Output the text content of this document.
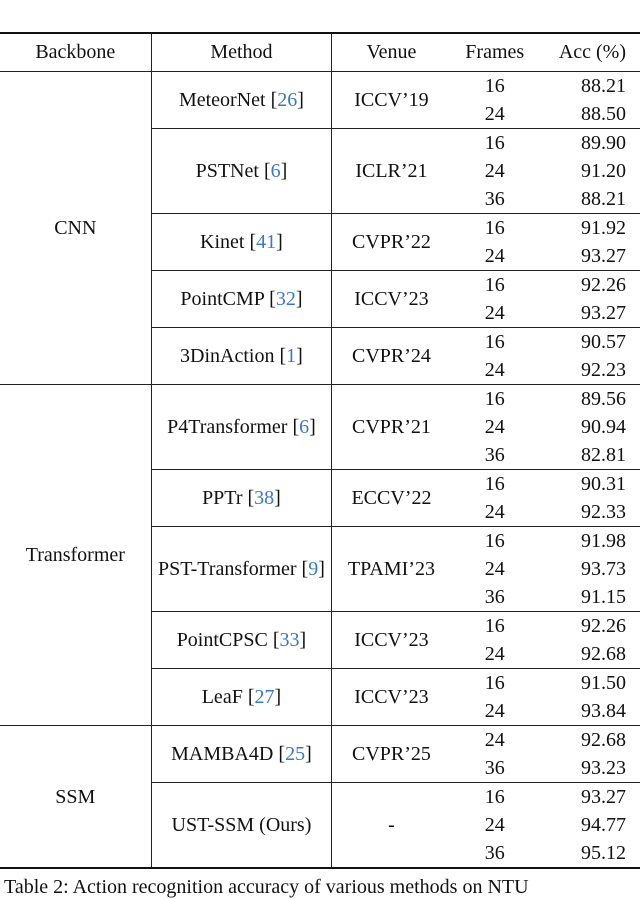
Backbone	Method	Venue	Frames	Acc (%)
CNN	MeteorNet [26]	ICCV’19	16	88.21
			24	88.50
	PSTNet [6]	ICLR’21	16	89.90
			24	91.20
			36	88.21
	Kinet [41]	CVPR’22	16	91.92
			24	93.27
	PointCMP [32]	ICCV’23	16	92.26
			24	93.27
	3DinAction [1]	CVPR’24	16	90.57
			24	92.23
Transformer	P4Transformer [6]	CVPR’21	16	89.56
			24	90.94
			36	82.81
	PPTr [38]	ECCV’22	16	90.31
			24	92.33
	PST-Transformer [9]	TPAMI’23	16	91.98
			24	93.73
			36	91.15
	PointCPSC [33]	ICCV’23	16	92.26
			24	92.68
	LeaF [27]	ICCV’23	16	91.50
			24	93.84
SSM	MAMBA4D [25]	CVPR’25	24	92.68
			36	93.23
	UST-SSM (Ours)	-	16	93.27
			24	94.77
			36	95.12
Table 2: Action recognition accuracy of various methods on NTU
